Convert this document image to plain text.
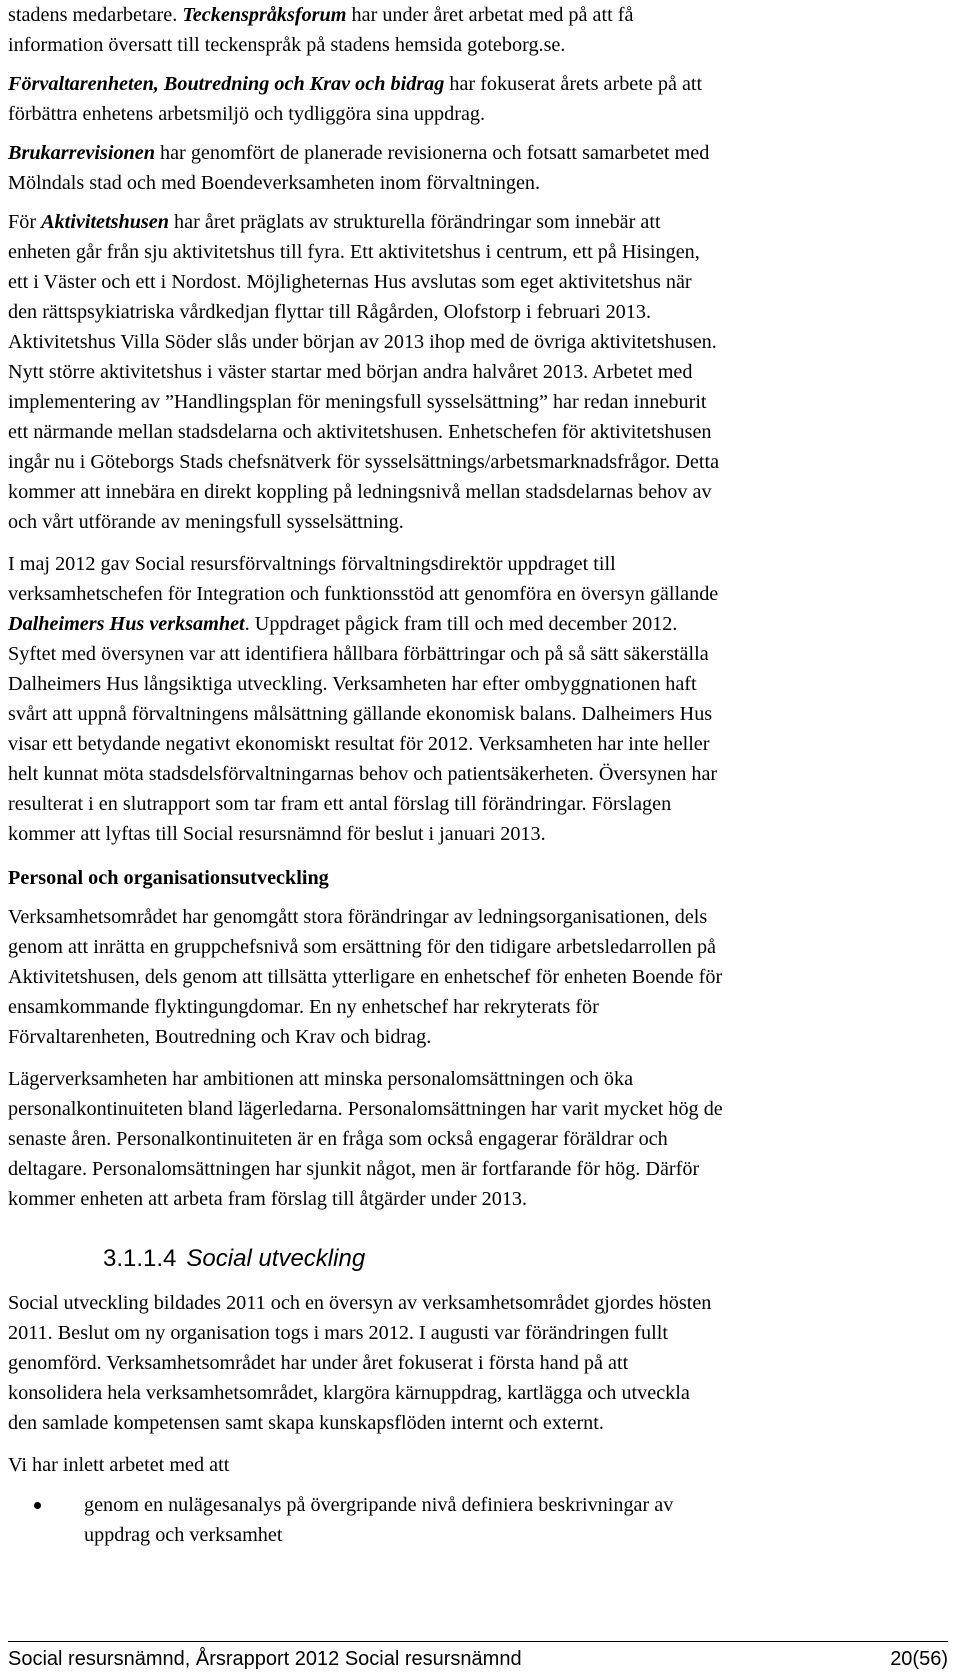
stadens medarbetare. Teckenspråksforum har under året arbetat med på att få
information översatt till teckenspråk på stadens hemsida goteborg.se.

Förvaltarenheten, Boutredning och Krav och bidrag har fokuserat årets arbete på att
förbättra enhetens arbetsmiljö och tydliggöra sina uppdrag.

Brukarrevisionen har genomfört de planerade revisionerna och fotsatt samarbetet med
Mölndals stad och med Boendeverksamheten inom förvaltningen.

För Aktivitetshusen har året präglats av strukturella förändringar som innebär att
enheten går från sju aktivitetshus till fyra. Ett aktivitetshus i centrum, ett på Hisingen,
ett i Väster och ett i Nordost. Möjligheternas Hus avslutas som eget aktivitetshus när
den rättspsykiatriska vårdkedjan flyttar till Rågården, Olofstorp i februari 2013.
Aktivitetshus Villa Söder slås under början av 2013 ihop med de övriga aktivitetshusen.
Nytt större aktivitetshus i väster startar med början andra halvåret 2013. Arbetet med
implementering av ”Handlingsplan för meningsfull sysselsättning” har redan inneburit
ett närmande mellan stadsdelarna och aktivitetshusen. Enhetschefen för aktivitetshusen
ingår nu i Göteborgs Stads chefsnätverk för sysselsättnings/arbetsmarknadsfrågor. Detta
kommer att innebära en direkt koppling på ledningsnivå mellan stadsdelarnas behov av
och vårt utförande av meningsfull sysselsättning.

I maj 2012 gav Social resursförvaltnings förvaltningsdirektör uppdraget till
verksamhetschefen för Integration och funktionsstöd att genomföra en översyn gällande
Dalheimers Hus verksamhet. Uppdraget pågick fram till och med december 2012.
Syftet med översynen var att identifiera hållbara förbättringar och på så sätt säkerställa
Dalheimers Hus långsiktiga utveckling. Verksamheten har efter ombyggnationen haft
svårt att uppnå förvaltningens målsättning gällande ekonomisk balans. Dalheimers Hus
visar ett betydande negativt ekonomiskt resultat för 2012. Verksamheten har inte heller
helt kunnat möta stadsdelsförvaltningarnas behov och patientsäkerheten. Översynen har
resulterat i en slutrapport som tar fram ett antal förslag till förändringar. Förslagen
kommer att lyftas till Social resursnämnd för beslut i januari 2013.

Personal och organisationsutveckling

Verksamhetsområdet har genomgått stora förändringar av ledningsorganisationen, dels
genom att inrätta en gruppchefsnivå som ersättning för den tidigare arbetsledarrollen på
Aktivitetshusen, dels genom att tillsätta ytterligare en enhetschef för enheten Boende för
ensamkommande flyktingungdomar. En ny enhetschef har rekryterats för
Förvaltarenheten, Boutredning och Krav och bidrag.

Lägerverksamheten har ambitionen att minska personalomsättningen och öka
personalkontinuiteten bland lägerledarna. Personalomsättningen har varit mycket hög de
senaste åren. Personalkontinuiteten är en fråga som också engagerar föräldrar och
deltagare. Personalomsättningen har sjunkit något, men är fortfarande för hög. Därför
kommer enheten att arbeta fram förslag till åtgärder under 2013.

3.1.1.4 Social utveckling

Social utveckling bildades 2011 och en översyn av verksamhetsområdet gjordes hösten
2011. Beslut om ny organisation togs i mars 2012. I augusti var förändringen fullt
genomförd. Verksamhetsområdet har under året fokuserat i första hand på att
konsolidera hela verksamhetsområdet, klargöra kärnuppdrag, kartlägga och utveckla
den samlade kompetensen samt skapa kunskapsflöden internt och externt.

Vi har inlett arbetet med att

genom en nulägesanalys på övergripande nivå definiera beskrivningar av
uppdrag och verksamhet
Social resursnämnd, Årsrapport 2012 Social resursnämnd	20(56)
